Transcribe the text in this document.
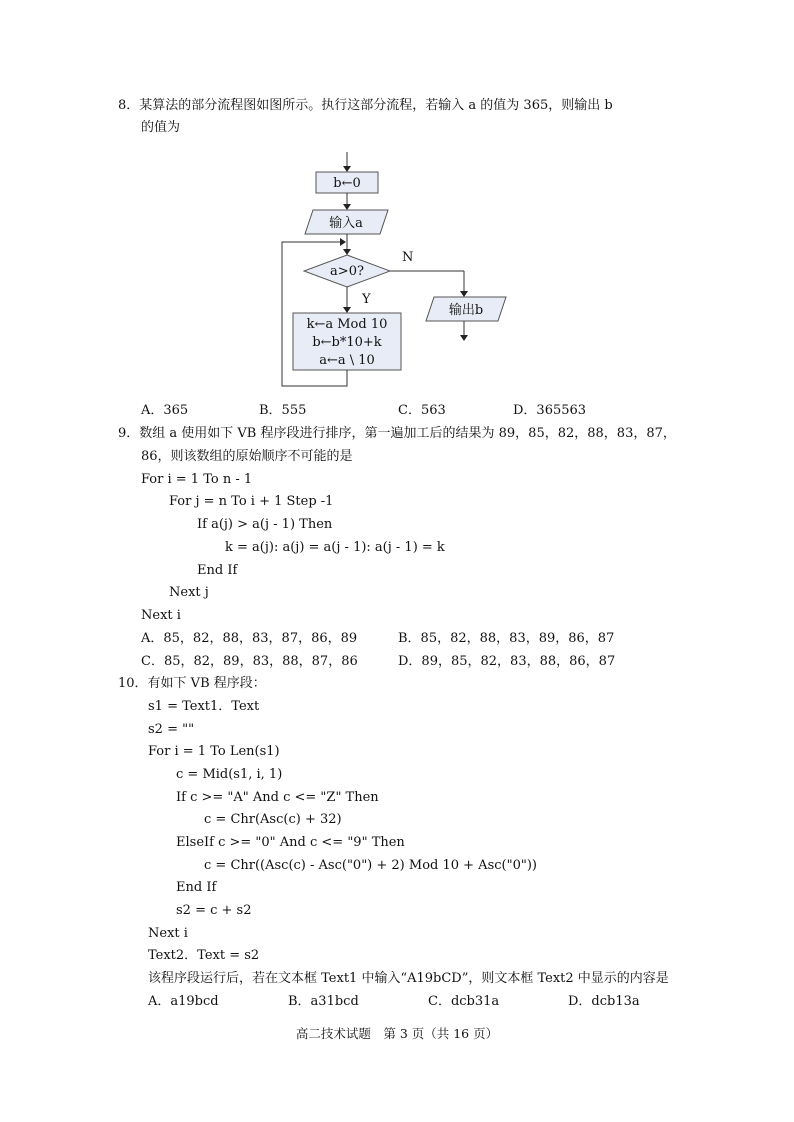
8．某算法的部分流程图如图所示。执行这部分流程，若输入 a 的值为 365，则输出 b
的值为
b←0
输入a
a>0?
N
Y
输出b
k←a Mod 10
b←b*10+k
a←a \ 10
A．365	B．555	C．563	D．365563
9．数组 a 使用如下 VB 程序段进行排序，第一遍加工后的结果为 89，85，82，88，83，87，
86，则该数组的原始顺序不可能的是
For i = 1 To n - 1
For j = n To i + 1 Step -1
If a(j) > a(j - 1) Then
k = a(j): a(j) = a(j - 1): a(j - 1) = k
End If
Next j
Next i
A．85，82，88，83，87，86，89	B．85，82，88，83，89，86，87
C．85，82，89，83，88，87，86	D．89，85，82，83，88，86，87
10．有如下 VB 程序段：
s1 = Text1．Text
s2 = ""
For i = 1 To Len(s1)
c = Mid(s1, i, 1)
If c >= "A" And c <= "Z" Then
c = Chr(Asc(c) + 32)
ElseIf c >= "0" And c <= "9" Then
c = Chr((Asc(c) - Asc("0") + 2) Mod 10 + Asc("0"))
End If
s2 = c + s2
Next i
Text2．Text = s2
该程序段运行后，若在文本框 Text1 中输入“A19bCD”，则文本框 Text2 中显示的内容是
A．a19bcd	B．a31bcd	C．dcb31a	D．dcb13a
高二技术试题　第 3 页（共 16 页）
